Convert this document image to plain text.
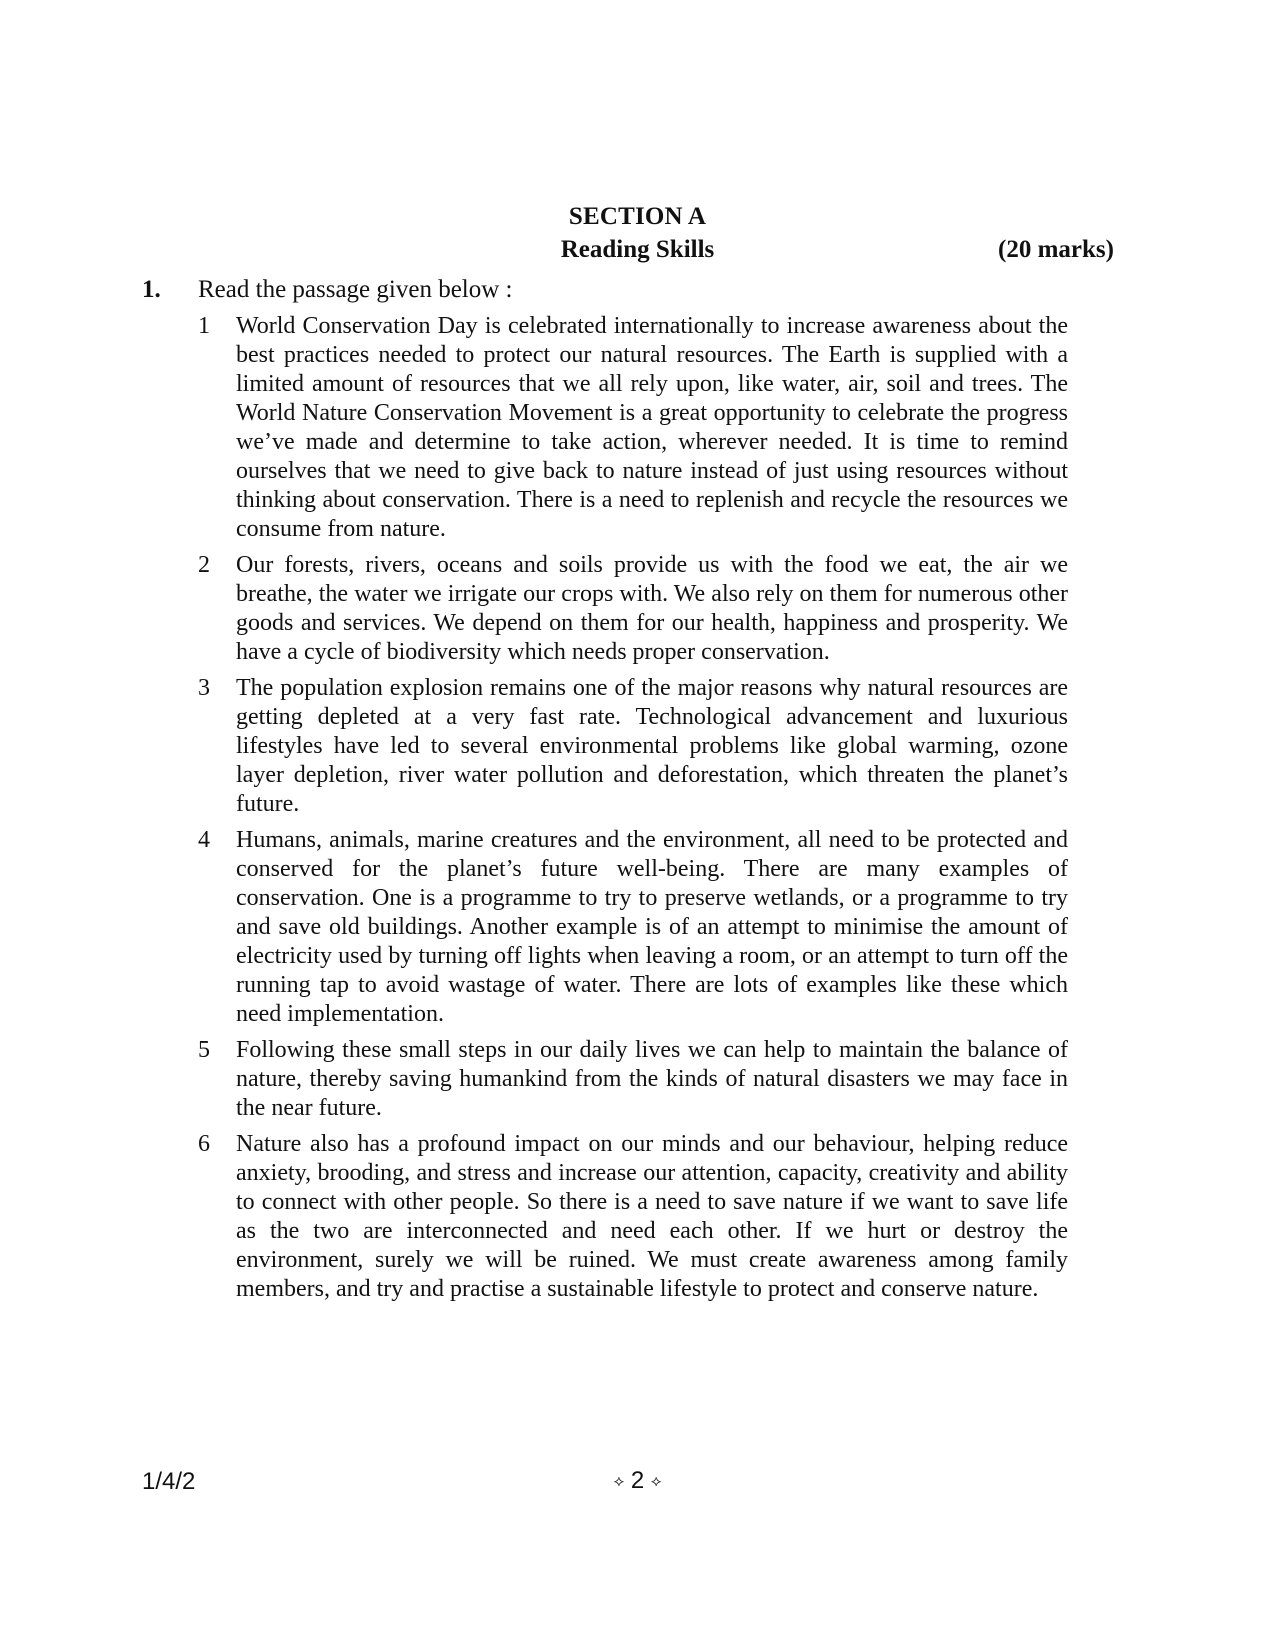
SECTION A
Reading Skills	(20 marks)
1. Read the passage given below :
1	World Conservation Day is celebrated internationally to increase awareness about the best practices needed to protect our natural resources. The Earth is supplied with a limited amount of resources that we all rely upon, like water, air, soil and trees. The World Nature Conservation Movement is a great opportunity to celebrate the progress we’ve made and determine to take action, wherever needed. It is time to remind ourselves that we need to give back to nature instead of just using resources without thinking about conservation. There is a need to replenish and recycle the resources we consume from nature.
2	Our forests, rivers, oceans and soils provide us with the food we eat, the air we breathe, the water we irrigate our crops with. We also rely on them for numerous other goods and services. We depend on them for our health, happiness and prosperity. We have a cycle of biodiversity which needs proper conservation.
3	The population explosion remains one of the major reasons why natural resources are getting depleted at a very fast rate. Technological advancement and luxurious lifestyles have led to several environmental problems like global warming, ozone layer depletion, river water pollution and deforestation, which threaten the planet’s future.
4	Humans, animals, marine creatures and the environment, all need to be protected and conserved for the planet’s future well-being. There are many examples of conservation. One is a programme to try to preserve wetlands, or a programme to try and save old buildings. Another example is of an attempt to minimise the amount of electricity used by turning off lights when leaving a room, or an attempt to turn off the running tap to avoid wastage of water. There are lots of examples like these which need implementation.
5	Following these small steps in our daily lives we can help to maintain the balance of nature, thereby saving humankind from the kinds of natural disasters we may face in the near future.
6	Nature also has a profound impact on our minds and our behaviour, helping reduce anxiety, brooding, and stress and increase our attention, capacity, creativity and ability to connect with other people. So there is a need to save nature if we want to save life as the two are interconnected and need each other. If we hurt or destroy the environment, surely we will be ruined. We must create awareness among family members, and try and practise a sustainable lifestyle to protect and conserve nature.
1/4/2	⟡ 2 ⟡
